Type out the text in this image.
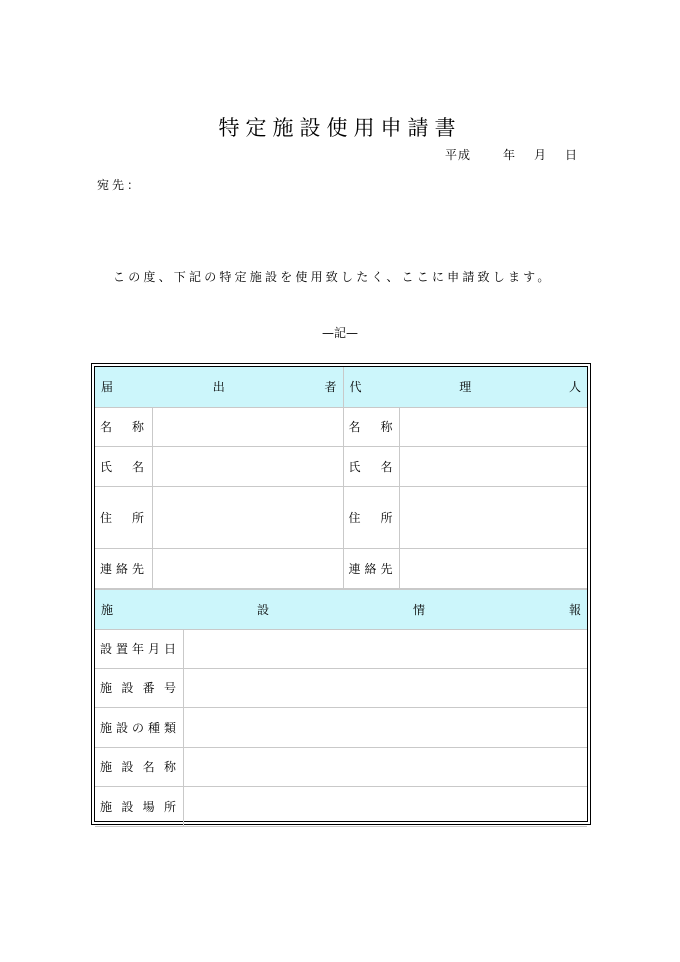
特定施設使用申請書
平成	年 月 日
宛先：
この度、下記の特定施設を使用致したく、ここに申請致します。
—記—
届 出 者		代 理 人	

名 称		名 称	

氏 名		氏 名	

住 所		住 所	

連 絡 先		連 絡 先	

施 設 情 報	

設 置 年 月 日	

施 設 番 号	

施 設 の 種 類	

施 設 名 称	

施 設 場 所	
